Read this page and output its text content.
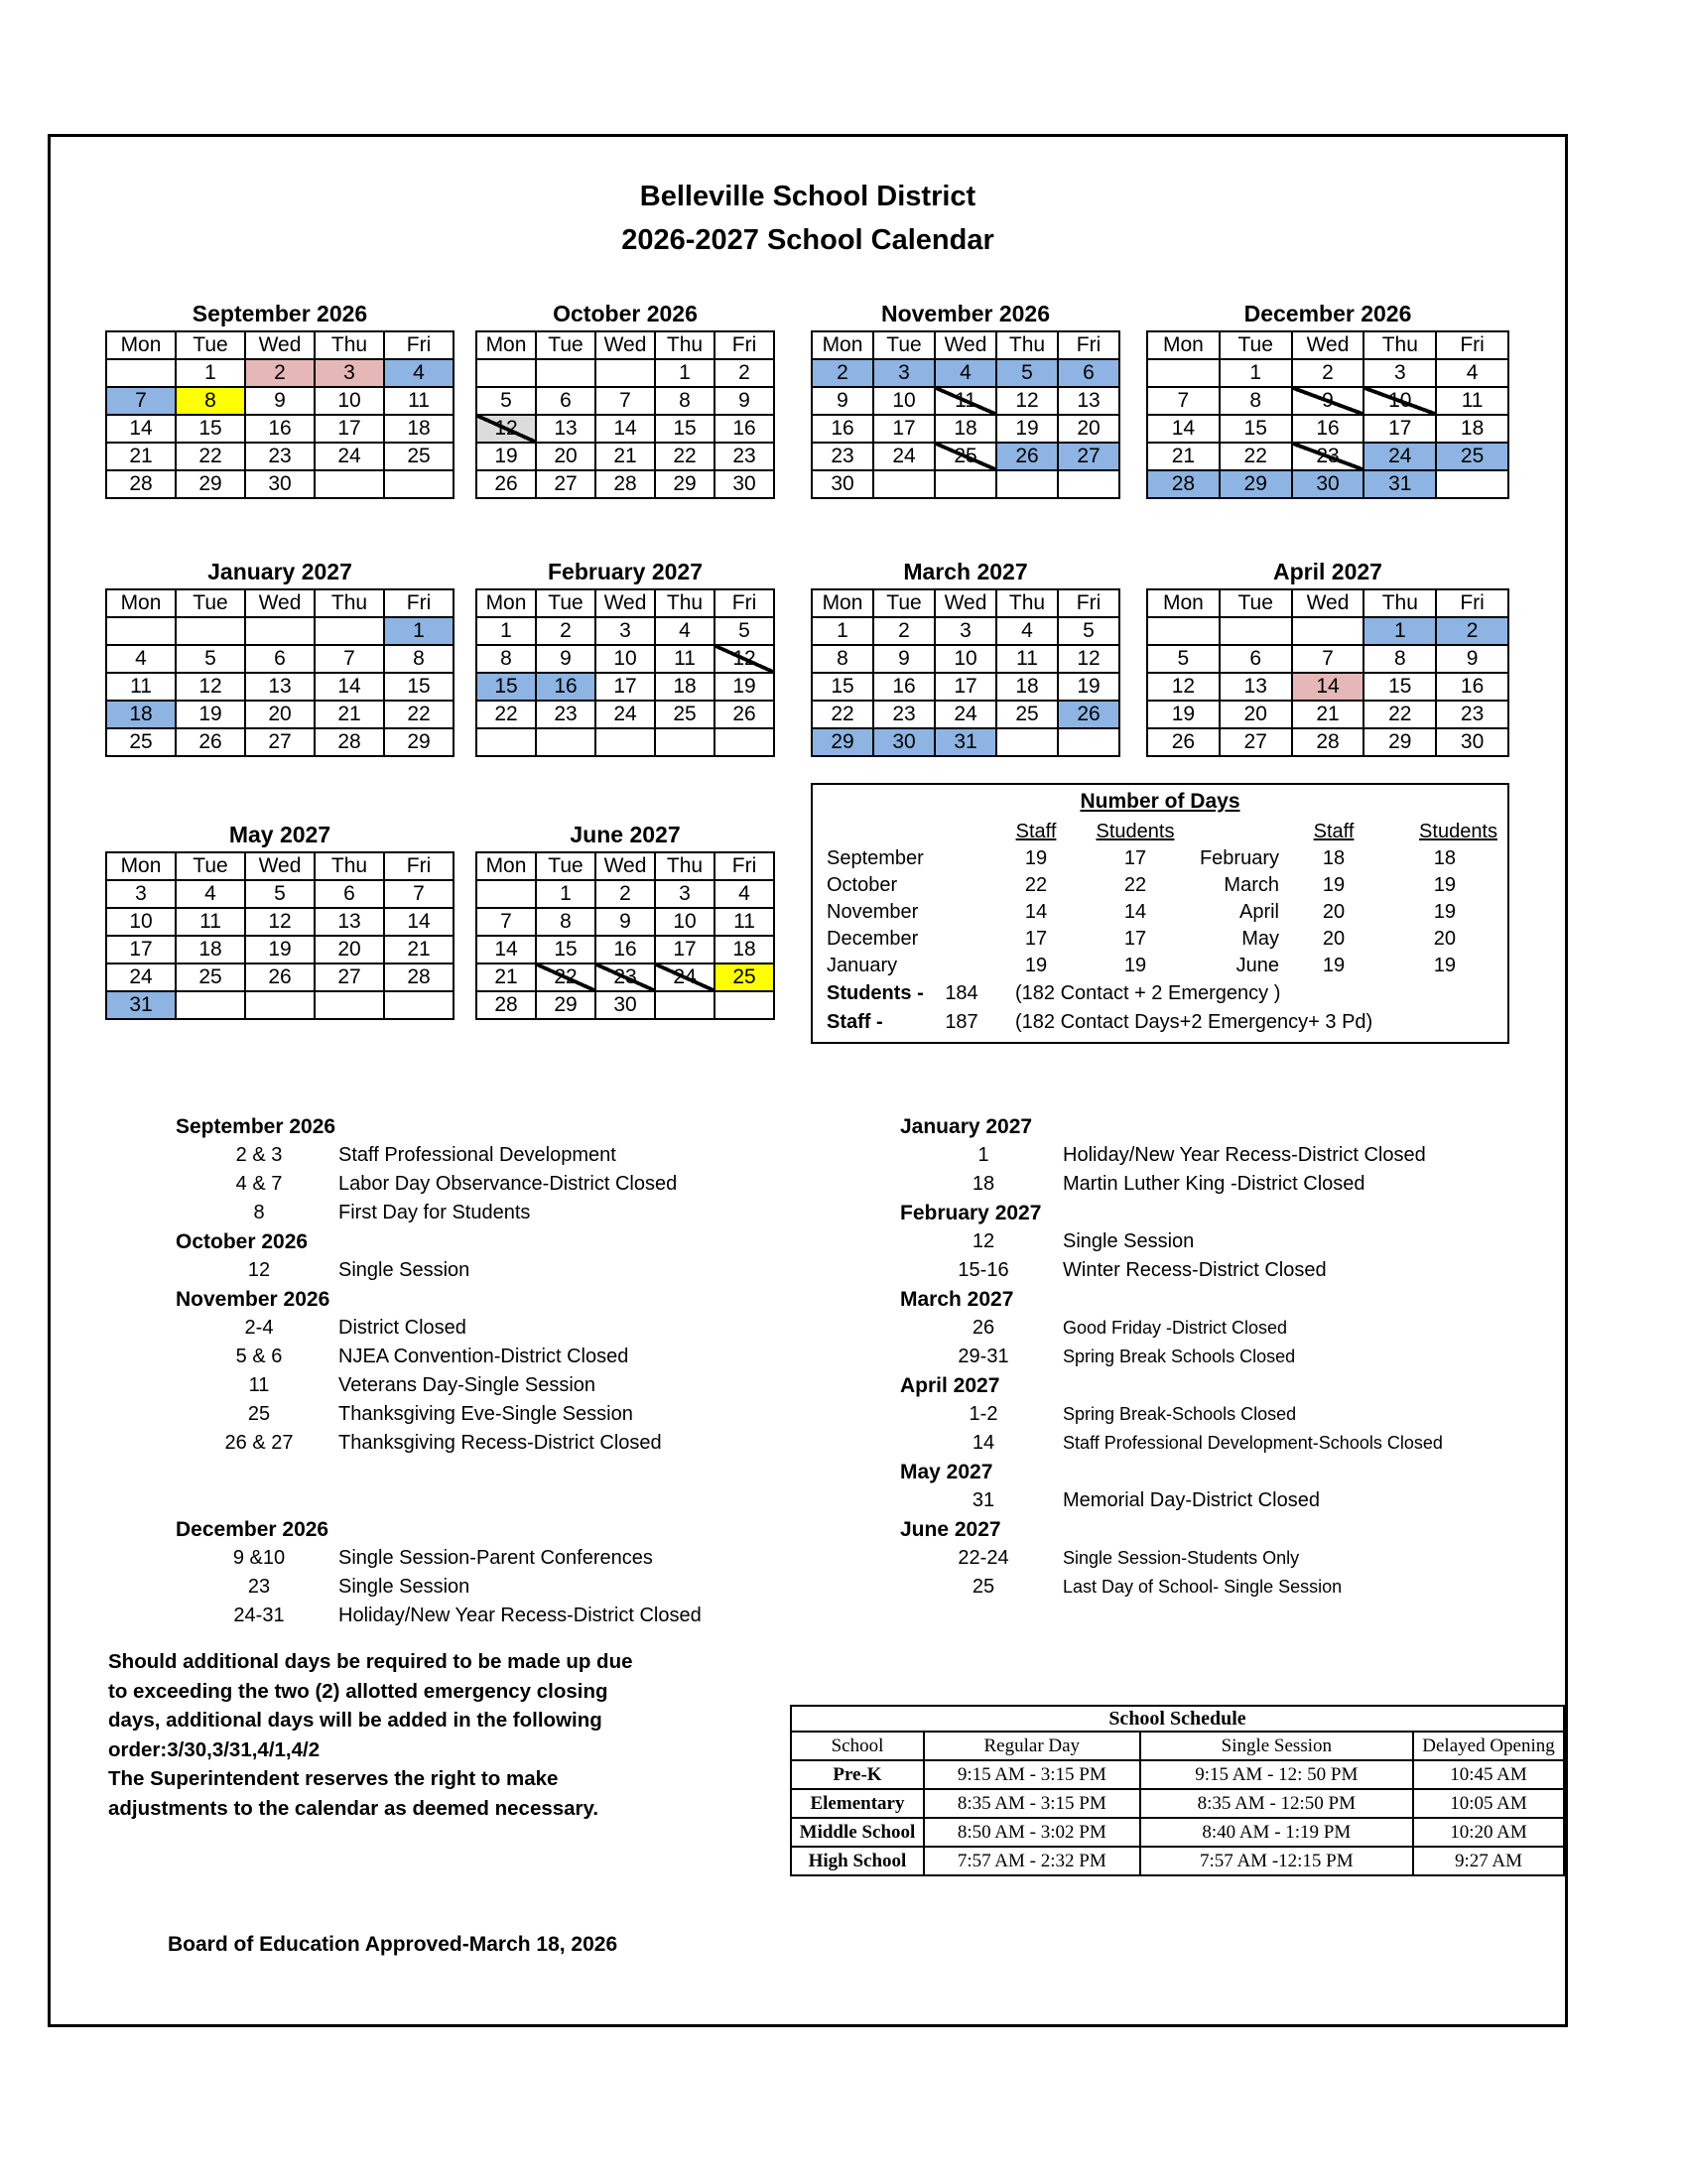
Belleville School District
2026-2027 School Calendar
September 2026
Mon	Tue	Wed	Thu	Fri
	1	2	3	4
7	8	9	10	11
14	15	16	17	18
21	22	23	24	25
28	29	30		
October 2026
Mon	Tue	Wed	Thu	Fri
			1	2
5	6	7	8	9
12	13	14	15	16
19	20	21	22	23
26	27	28	29	30
November 2026
Mon	Tue	Wed	Thu	Fri
2	3	4	5	6
9	10	11	12	13
16	17	18	19	20
23	24	25	26	27
30				
December 2026
Mon	Tue	Wed	Thu	Fri
	1	2	3	4
7	8	9	10	11
14	15	16	17	18
21	22	23	24	25
28	29	30	31	
January 2027
Mon	Tue	Wed	Thu	Fri
				1
4	5	6	7	8
11	12	13	14	15
18	19	20	21	22
25	26	27	28	29
February 2027
Mon	Tue	Wed	Thu	Fri
1	2	3	4	5
8	9	10	11	12
15	16	17	18	19
22	23	24	25	26

March 2027
Mon	Tue	Wed	Thu	Fri
1	2	3	4	5
8	9	10	11	12
15	16	17	18	19
22	23	24	25	26
29	30	31		
April 2027
Mon	Tue	Wed	Thu	Fri
			1	2
5	6	7	8	9
12	13	14	15	16
19	20	21	22	23
26	27	28	29	30
May 2027
Mon	Tue	Wed	Thu	Fri
3	4	5	6	7
10	11	12	13	14
17	18	19	20	21
24	25	26	27	28
31				
June 2027
Mon	Tue	Wed	Thu	Fri
	1	2	3	4
7	8	9	10	11
14	15	16	17	18
21	22	23	24	25
28	29	30		
Number of Days
Staff	Students	Staff	Students
September	19	17	February	18	18
October	22	22	March	19	19
November	14	14	April	20	19
December	17	17	May	20	20
January	19	19	June	19	19
Students -	184	(182 Contact + 2 Emergency )
Staff -	187	(182 Contact Days+2 Emergency+ 3 Pd)
September 2026
2 & 3	Staff Professional Development
4 & 7	Labor Day Observance-District Closed
8	First Day for Students
October 2026
12	Single Session
November 2026
2-4	District Closed
5 & 6	NJEA Convention-District Closed
11	Veterans Day-Single Session
25	Thanksgiving Eve-Single Session
26 & 27	Thanksgiving Recess-District Closed
December 2026
9 &10	Single Session-Parent Conferences
23	Single Session
24-31	Holiday/New Year Recess-District Closed
January 2027
1	Holiday/New Year Recess-District Closed
18	Martin Luther King -District Closed
February 2027
12	Single Session
15-16	Winter Recess-District Closed
March 2027
26	Good Friday -District Closed
29-31	Spring Break Schools Closed
April 2027
1-2	Spring Break-Schools Closed
14	Staff Professional Development-Schools Closed
May 2027
31	Memorial Day-District Closed
June 2027
22-24	Single Session-Students Only
25	Last Day of School- Single Session
Should additional days be required to be made up due
to exceeding the two (2) allotted emergency closing
days, additional days will be added in the following
order:3/30,3/31,4/1,4/2
The Superintendent reserves the right to make
adjustments to the calendar as deemed necessary.
School Schedule			
School	Regular Day	Single Session	Delayed Opening
Pre-K	9:15 AM - 3:15 PM	9:15 AM - 12: 50 PM	10:45 AM
Elementary	8:35 AM - 3:15 PM	8:35 AM - 12:50 PM	10:05 AM
Middle School	8:50 AM - 3:02 PM	8:40 AM - 1:19 PM	10:20 AM
High School	7:57 AM - 2:32 PM	7:57 AM -12:15 PM	9:27 AM
Board of Education Approved-March 18, 2026
